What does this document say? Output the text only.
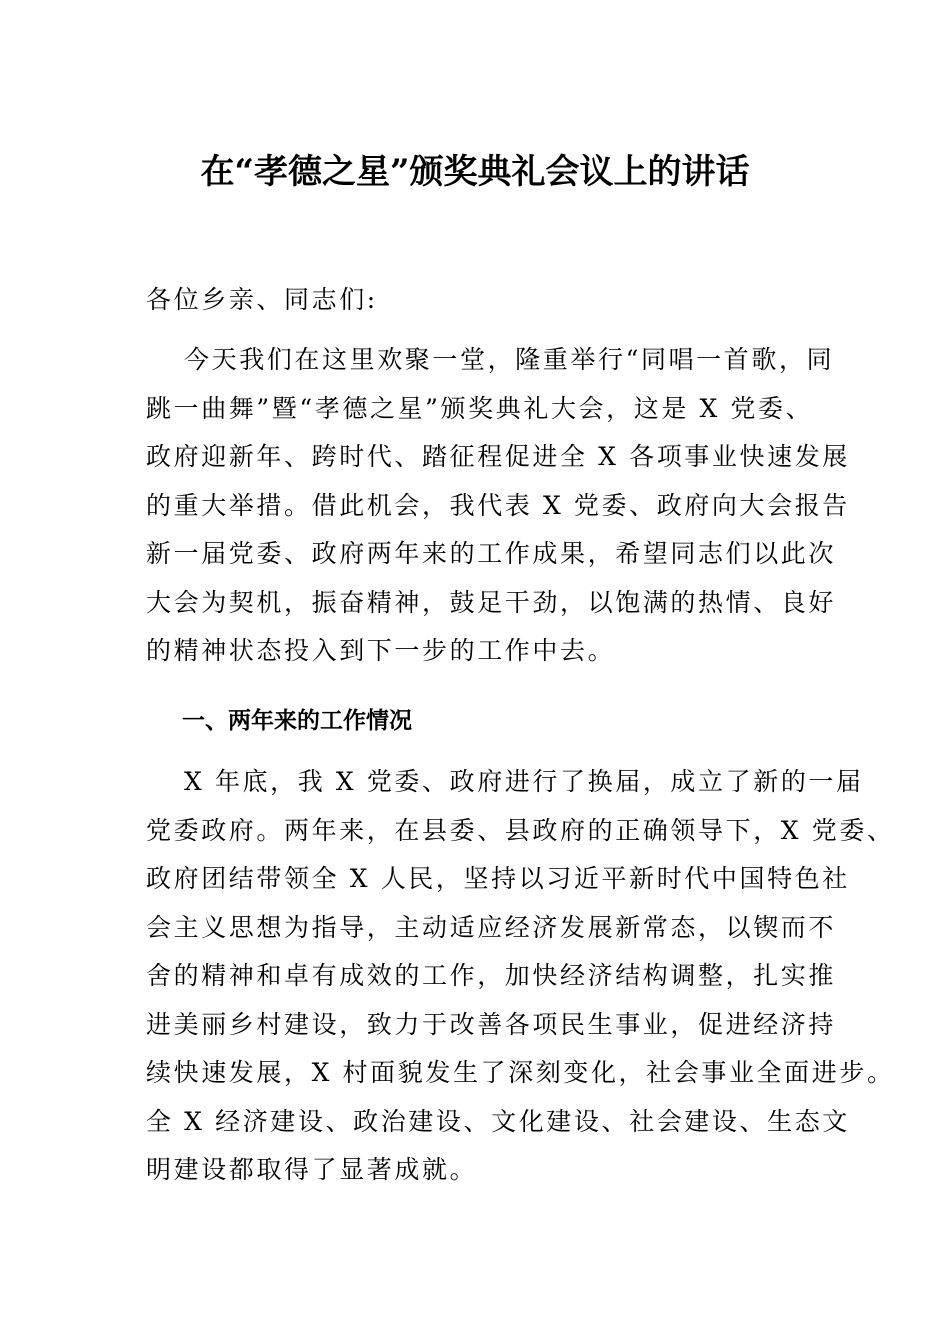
在“孝德之星”颁奖典礼会议上的讲话
各位乡亲、同志们:
今天我们在这里欢聚一堂，隆重举行“同唱一首歌，同
跳一曲舞”暨“孝德之星”颁奖典礼大会，这是 X 党委、
政府迎新年、跨时代、踏征程促进全 X 各项事业快速发展
的重大举措。借此机会，我代表 X 党委、政府向大会报告
新一届党委、政府两年来的工作成果，希望同志们以此次
大会为契机，振奋精神，鼓足干劲，以饱满的热情、良好
的精神状态投入到下一步的工作中去。
一、两年来的工作情况
X 年底，我 X 党委、政府进行了换届，成立了新的一届
党委政府。两年来，在县委、县政府的正确领导下，X 党委、
政府团结带领全 X 人民，坚持以习近平新时代中国特色社
会主义思想为指导，主动适应经济发展新常态，以锲而不
舍的精神和卓有成效的工作，加快经济结构调整，扎实推
进美丽乡村建设，致力于改善各项民生事业，促进经济持
续快速发展，X 村面貌发生了深刻变化，社会事业全面进步。
全 X 经济建设、政治建设、文化建设、社会建设、生态文
明建设都取得了显著成就。
